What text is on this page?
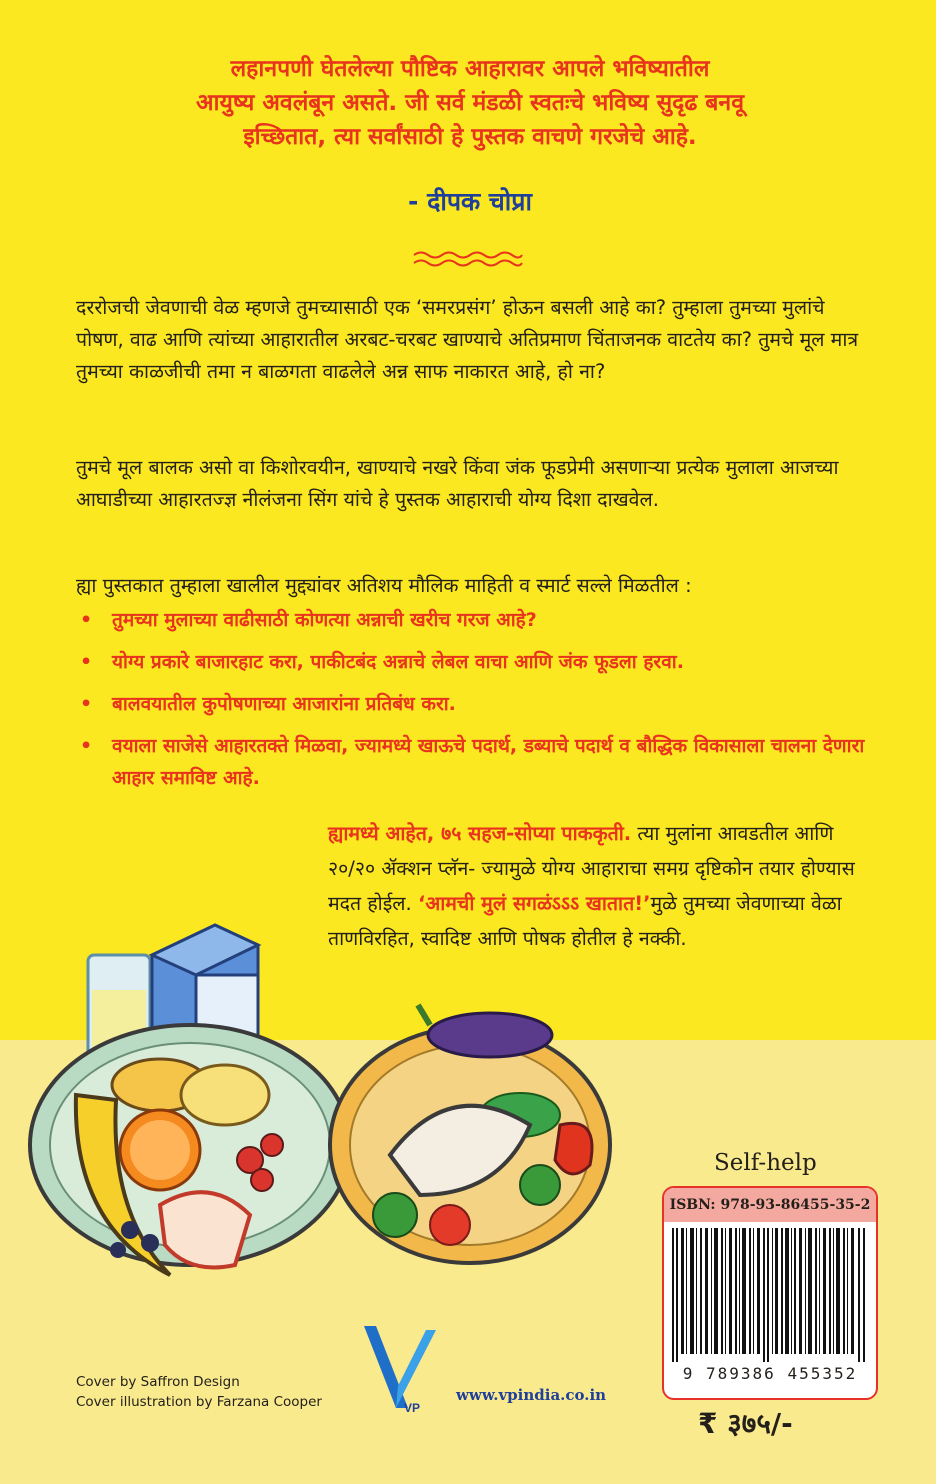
लहानपणी घेतलेल्या पौष्टिक आहारावर आपले भविष्यातील

आयुष्य अवलंबून असते. जी सर्व मंडळी स्वतःचे भविष्य सुदृढ बनवू

इच्छितात, त्या सर्वांसाठी हे पुस्तक वाचणे गरजेचे आहे.

- दीपक चोप्रा

दररोजची जेवणाची वेळ म्हणजे तुमच्यासाठी एक ‘समरप्रसंग’ होऊन बसली आहे का? तुम्हाला तुमच्या मुलांचे पोषण, वाढ आणि त्यांच्या आहारातील अरबट-चरबट खाण्याचे अतिप्रमाण चिंताजनक वाटतेय का? तुमचे मूल मात्र तुमच्या काळजीची तमा न बाळगता वाढलेले अन्न साफ नाकारत आहे, हो ना?

तुमचे मूल बालक असो वा किशोरवयीन, खाण्याचे नखरे किंवा जंक फूडप्रेमी असणाऱ्या प्रत्येक मुलाला आजच्या आघाडीच्या आहारतज्ज्ञ नीलंजना सिंग यांचे हे पुस्तक आहाराची योग्य दिशा दाखवेल.

ह्या पुस्तकात तुम्हाला खालील मुद्द्यांवर अतिशय मौलिक माहिती व स्मार्ट सल्ले मिळतील :

• तुमच्या मुलाच्या वाढीसाठी कोणत्या अन्नाची खरीच गरज आहे?
• योग्य प्रकारे बाजारहाट करा, पाकीटबंद अन्नाचे लेबल वाचा आणि जंक फूडला हरवा.
• बालवयातील कुपोषणाच्या आजारांना प्रतिबंध करा.
• वयाला साजेसे आहारतक्ते मिळवा, ज्यामध्ये खाऊचे पदार्थ, डब्याचे पदार्थ व बौद्धिक विकासाला चालना देणारा आहार समाविष्ट आहे.
ह्यामध्ये आहेत, ७५ सहज-सोप्या पाककृती. त्या मुलांना आवडतील आणि २०/२० ॲक्शन प्लॅन- ज्यामुळे योग्य आहाराचा समग्र दृष्टिकोन तयार होण्यास मदत होईल. ‘आमची मुलं सगळंऽऽऽ खातात!’मुळे तुमच्या जेवणाच्या वेळा ताणविरहित, स्वादिष्ट आणि पोषक होतील हे नक्की.
Self-help
ISBN: 978-93-86455-35-2
9 789386 455352
₹ ३७५/-

Cover by Saffron Design

Cover illustration by Farzana Cooper	VP
www.vpindia.co.in
